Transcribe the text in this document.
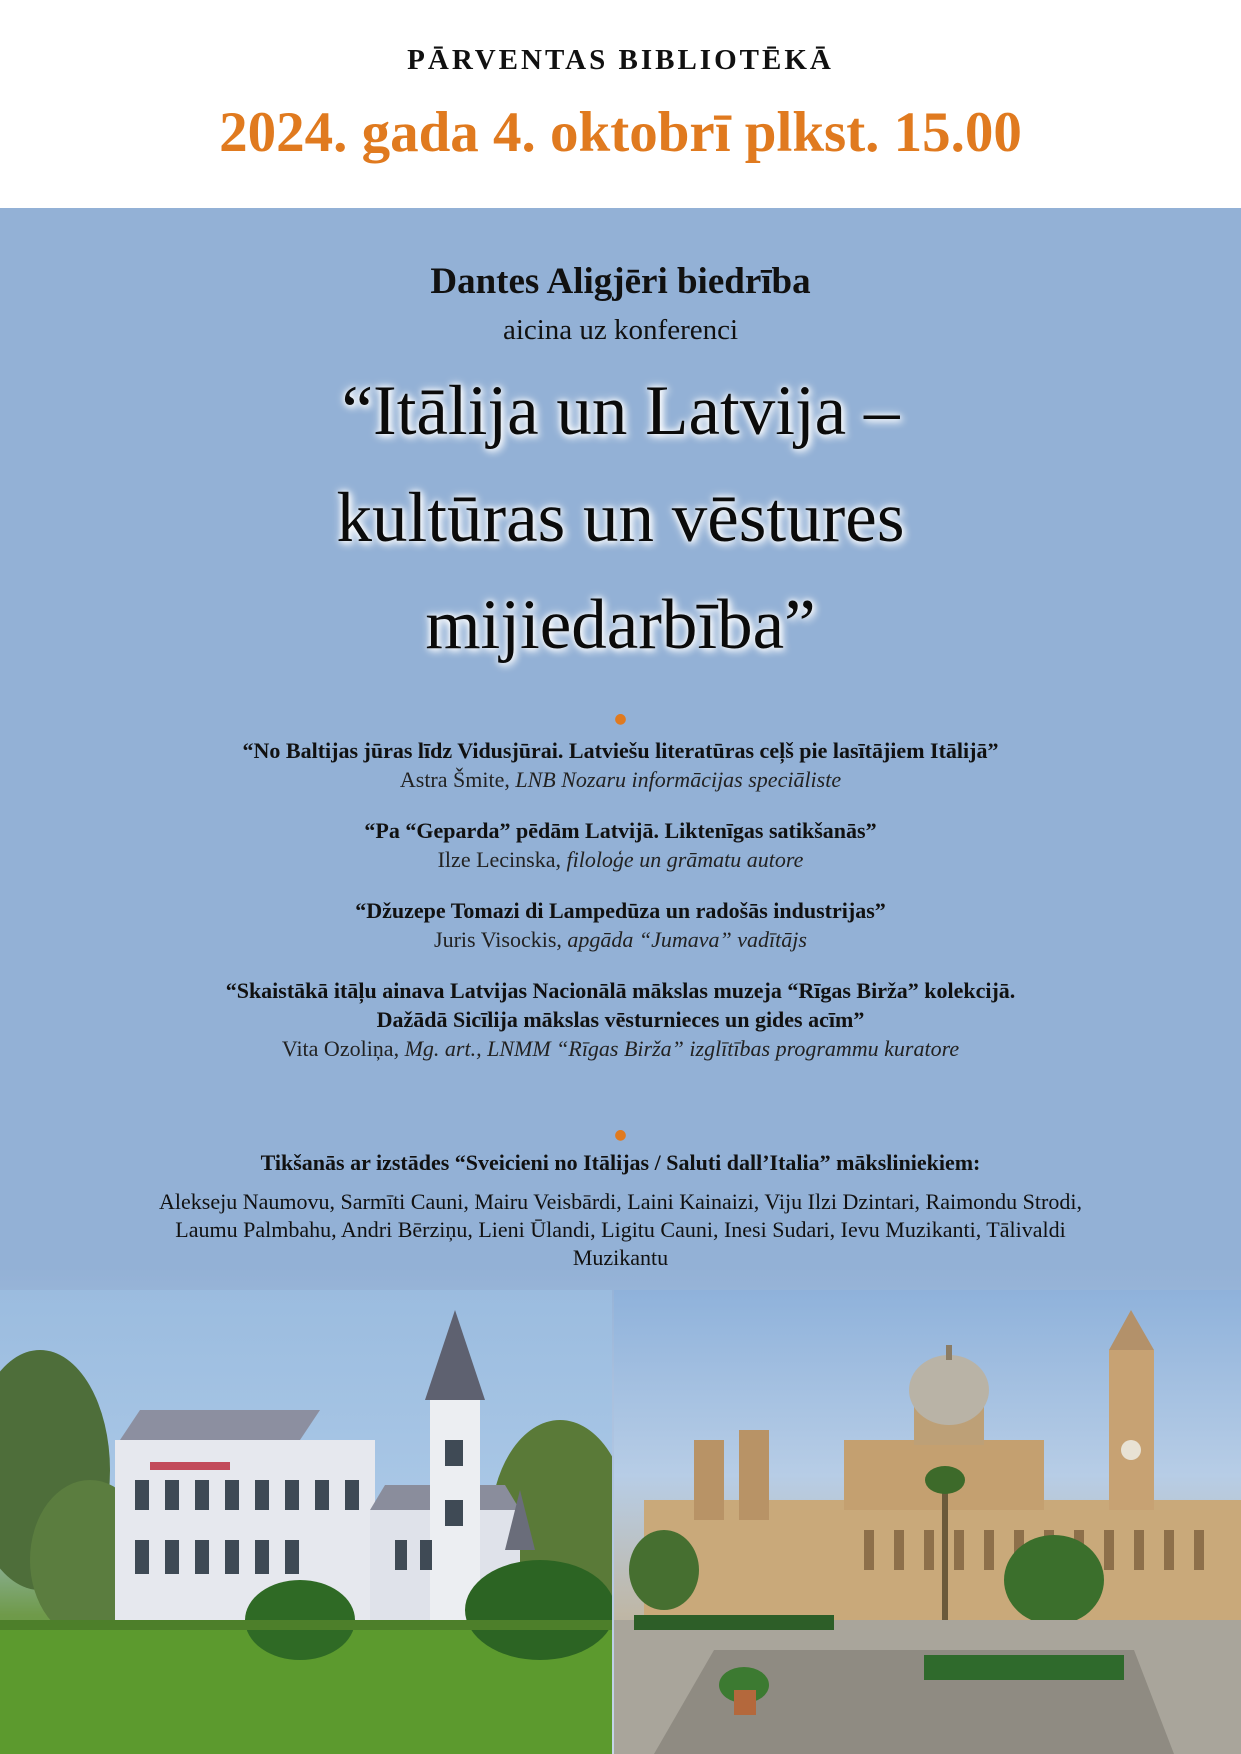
PĀRVENTAS BIBLIOTĒKĀ
2024. gada 4. oktobrī plkst. 15.00
Dantes Aligjēri biedrība
aicina uz konferenci
“Itālija un Latvija –
kultūras un vēstures
mijiedarbība”
●
“No Baltijas jūras līdz Vidusjūrai. Latviešu literatūras ceļš pie lasītājiem Itālijā”
Astra Šmite, LNB Nozaru informācijas speciāliste
“Pa “Geparda” pēdām Latvijā. Liktenīgas satikšanās”
Ilze Lecinska, filoloģe un grāmatu autore
“Džuzepe Tomazi di Lampedūza un radošās industrijas”
Juris Visockis, apgāda “Jumava” vadītājs
“Skaistākā itāļu ainava Latvijas Nacionālā mākslas muzeja “Rīgas Birža” kolekcijā.
Dažādā Sicīlija mākslas vēsturnieces un gides acīm”
Vita Ozoliņa, Mg. art., LNMM “Rīgas Birža” izglītības programmu kuratore
●
Tikšanās ar izstādes “Sveicieni no Itālijas / Saluti dall’Italia” māksliniekiem:
Alekseju Naumovu, Sarmīti Cauni, Mairu Veisbārdi, Laini Kainaizi, Viju Ilzi Dzintari, Raimondu Strodi, Laumu Palmbahu, Andri Bērziņu, Lieni Ūlandi, Ligitu Cauni, Inesi Sudari, Ievu Muzikanti, Tālivaldi Muzikantu
